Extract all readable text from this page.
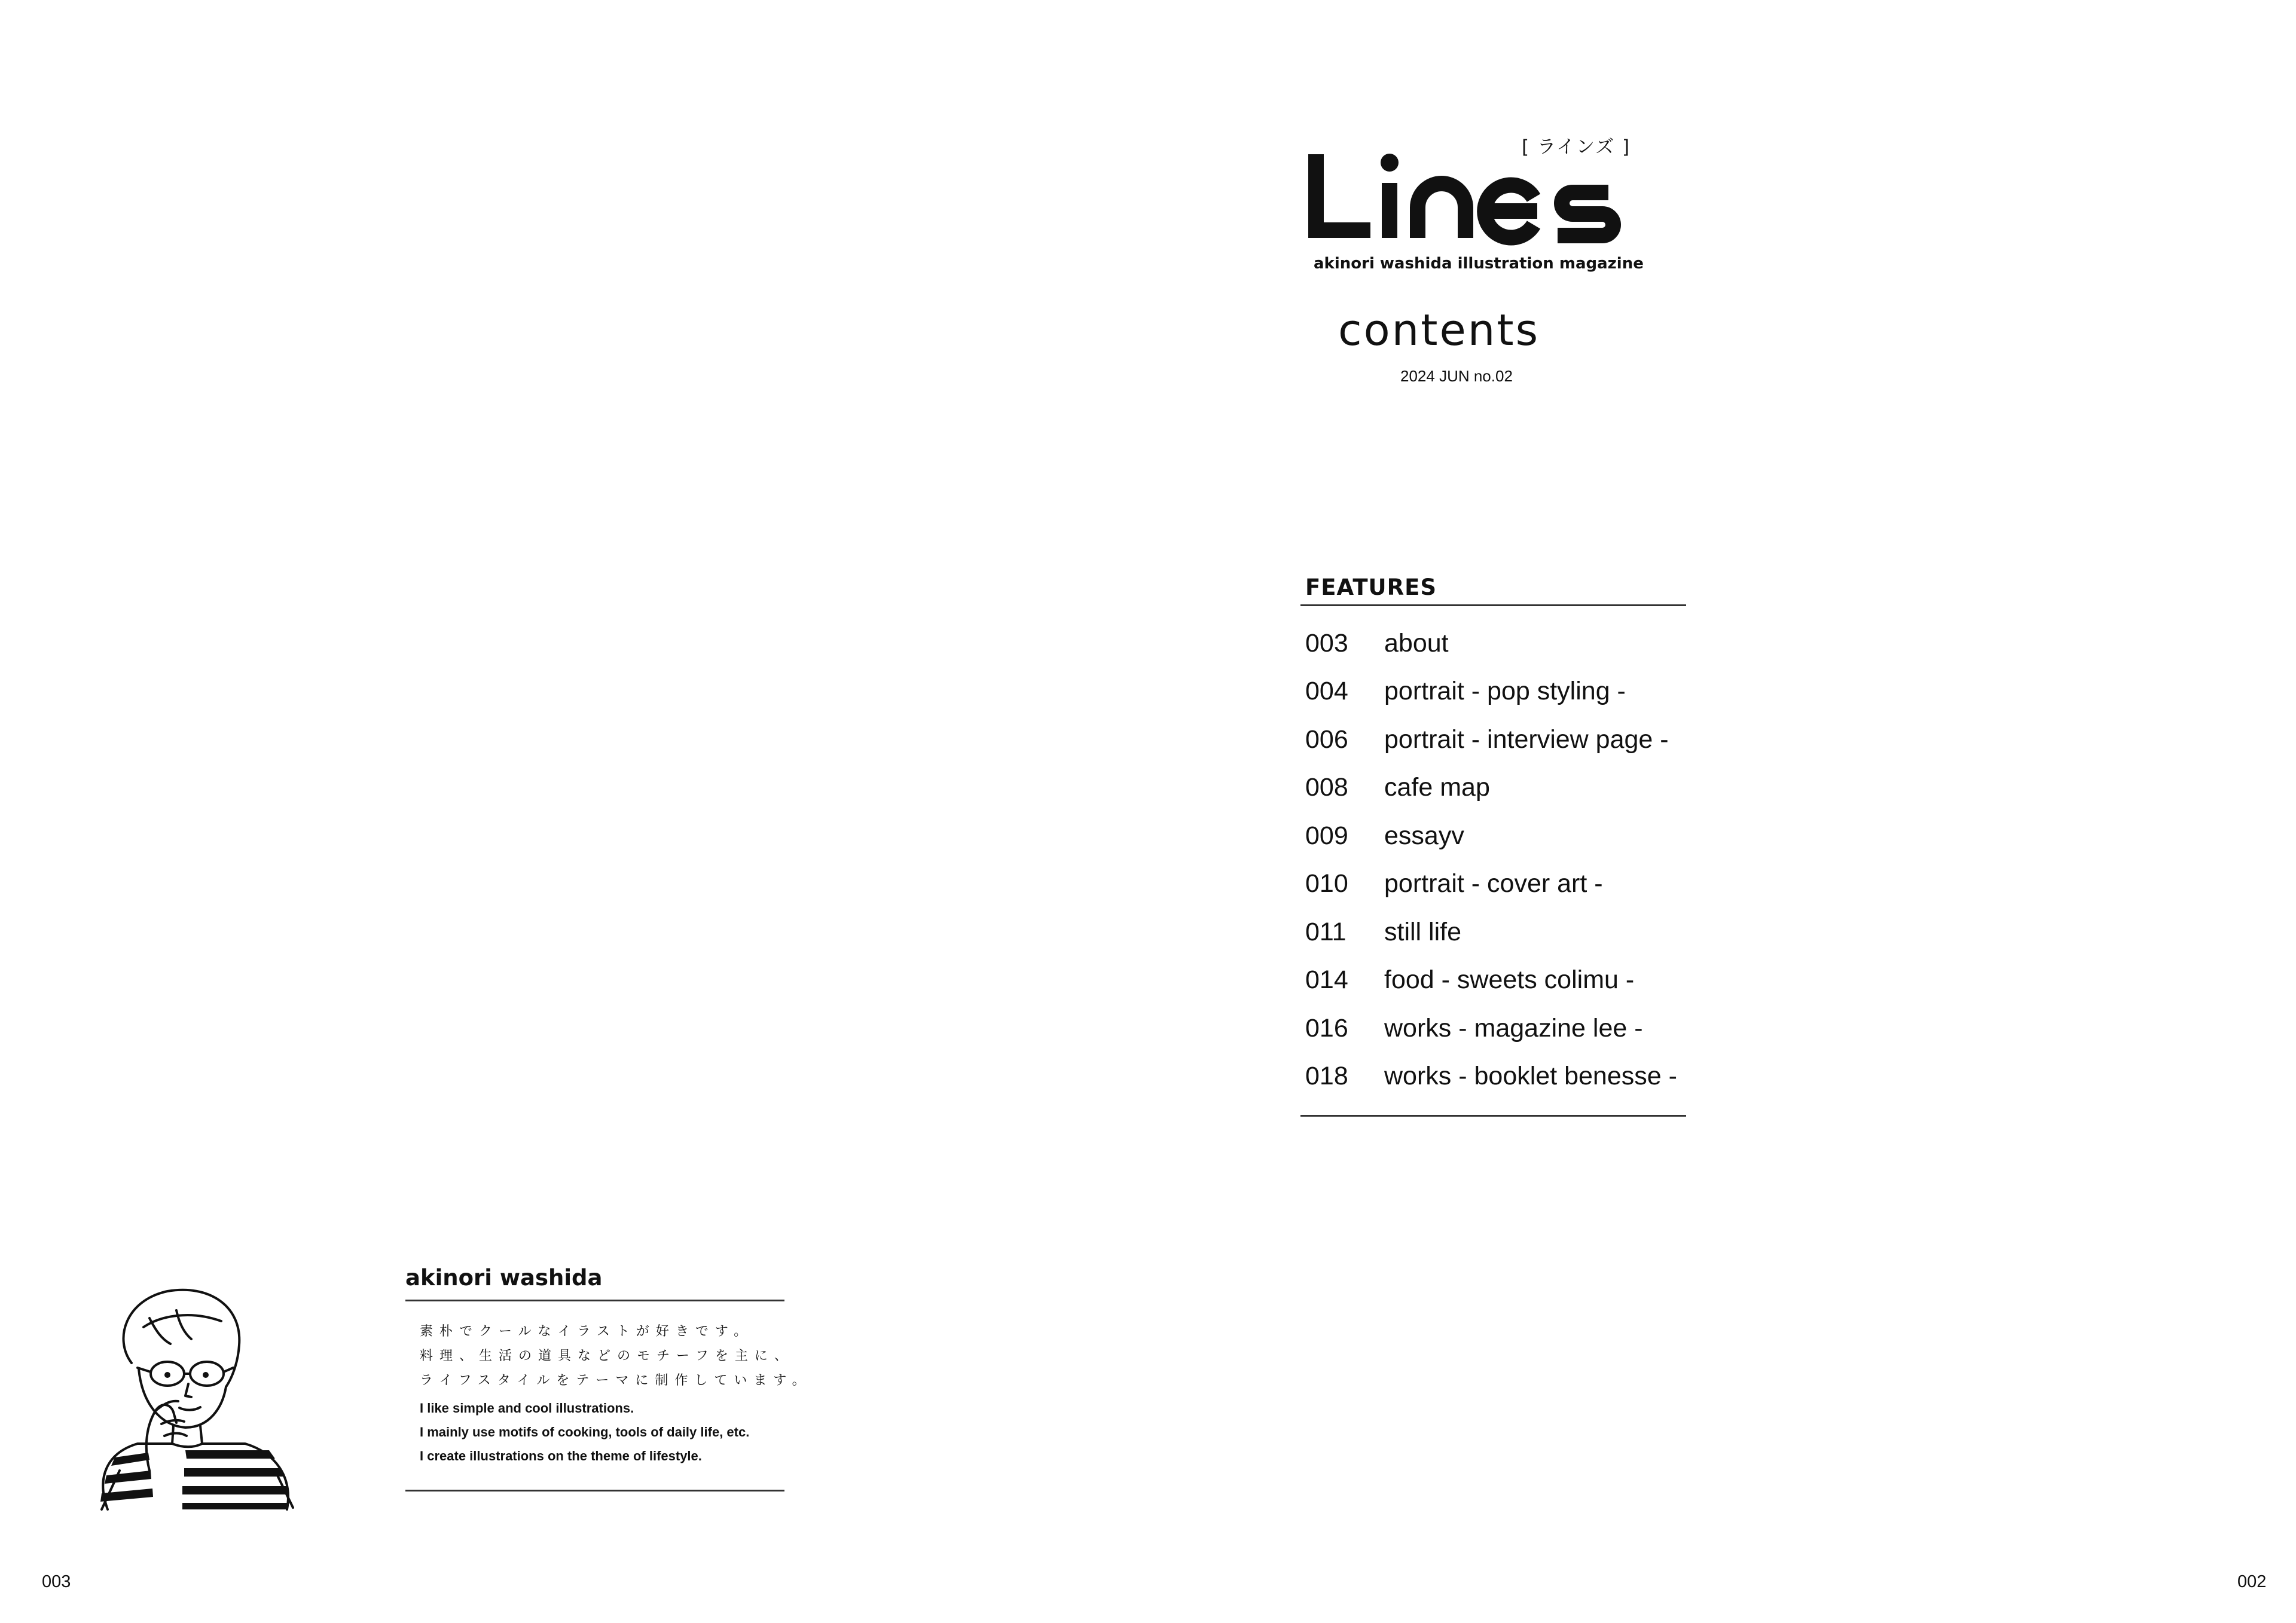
[ ラインズ ]
akinori washida illustration magazine
contents
2024 JUN no.02
FEATURES
003	about
004	portrait - pop styling -
006	portrait - interview page -
008	cafe map
009	essayv
010	portrait - cover art -
011	still life
014	food - sweets colimu -
016	works - magazine lee -
018	works - booklet benesse -
akinori washida
素朴でクールなイラストが好きです。
料理、生活の道具などのモチーフを主に、
ライフスタイルをテーマに制作しています。
I like simple and cool illustrations.
I mainly use motifs of cooking, tools of daily life, etc.
I create illustrations on the theme of lifestyle.
003	002
